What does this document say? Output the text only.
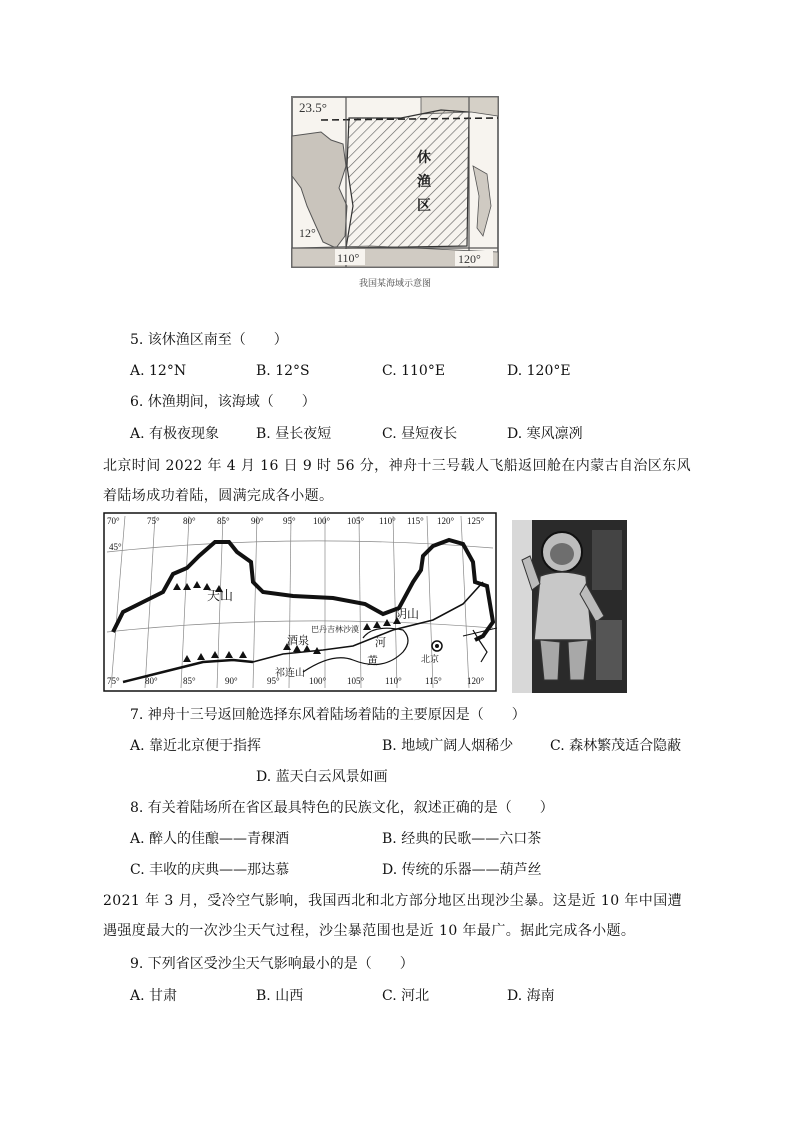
23.5°
12°
110°	120°
休
渔
区
我国某海域示意图
5. 该休渔区南至（　　）
A. 12°N	B. 12°S	C. 110°E	D. 120°E
6. 休渔期间，该海域（　　）
A. 有极夜现象	B. 昼长夜短	C. 昼短夜长	D. 寒风凛冽
北京时间 2022 年 4 月 16 日 9 时 56 分，神舟十三号载人飞船返回舱在内蒙古自治区东风着陆场成功着陆，圆满完成各小题。
70°	75°	80° 85° 90° 95° 100° 105° 110° 115° 120° 125°
75°	80°	85°	90°	95°	100° 105° 110°	115°	120°
45°
天山
阴山
酒泉
祁连山
巴丹吉林沙漠
黄
河
北京
7. 神舟十三号返回舱选择东风着陆场着陆的主要原因是（　　）
A. 靠近北京便于指挥	B. 地域广阔人烟稀少	C. 森林繁茂适合隐蔽
D. 蓝天白云风景如画
8. 有关着陆场所在省区最具特色的民族文化，叙述正确的是（　　）
A. 醉人的佳酿——青稞酒	B. 经典的民歌——六口茶
C. 丰收的庆典——那达慕	D. 传统的乐器——葫芦丝
2021 年 3 月，受冷空气影响，我国西北和北方部分地区出现沙尘暴。这是近 10 年中国遭遇强度最大的一次沙尘天气过程，沙尘暴范围也是近 10 年最广。据此完成各小题。
9. 下列省区受沙尘天气影响最小的是（　　）
A. 甘肃	B. 山西	C. 河北	D. 海南
